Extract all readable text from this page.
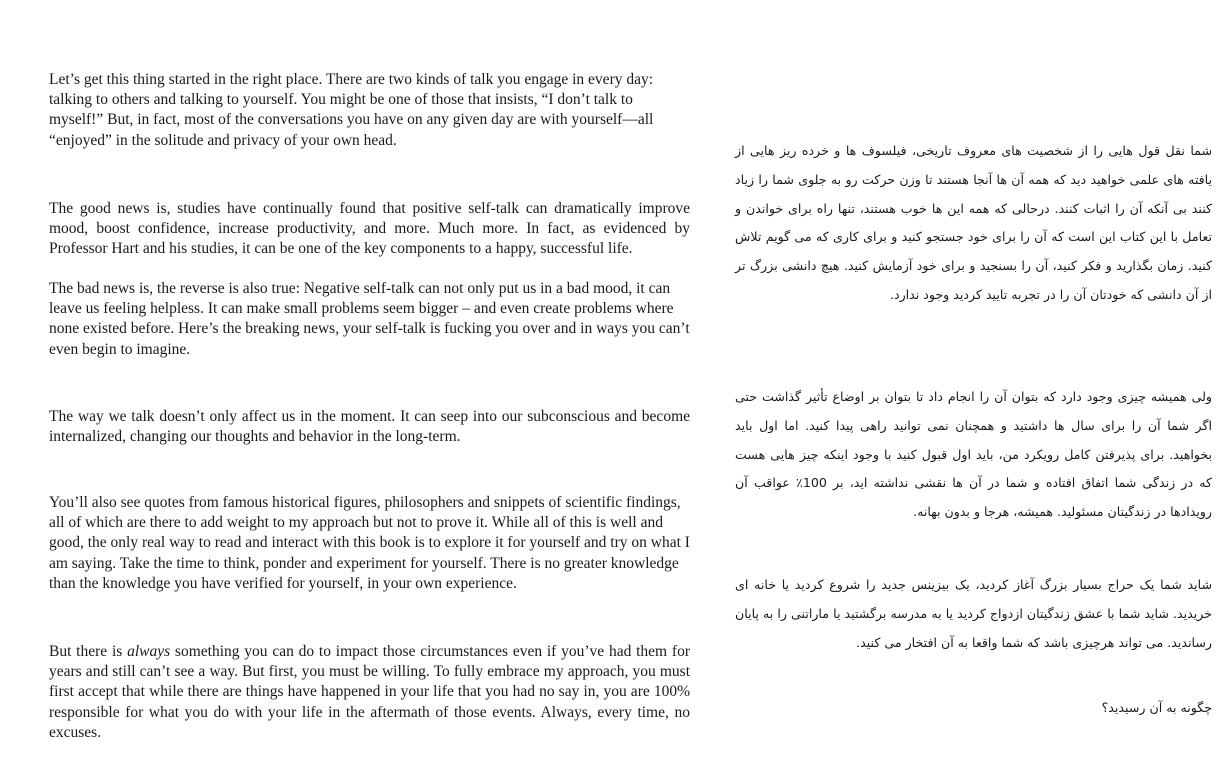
Let’s get this thing started in the right place. There are two kinds of talk you engage in every day: talking to others and talking to yourself. You might be one of those that insists, “I don’t talk to myself!” But, in fact, most of the conversations you have on any given day are with yourself—all “enjoyed” in the solitude and privacy of your own head.

The good news is, studies have continually found that positive self-talk can dramatically improve mood, boost confidence, increase productivity, and more. Much more. In fact, as evidenced by Professor Hart and his studies, it can be one of the key components to a happy, successful life.

The bad news is, the reverse is also true: Negative self-talk can not only put us in a bad mood, it can leave us feeling helpless. It can make small problems seem bigger – and even create problems where none existed before. Here’s the breaking news, your self-talk is fucking you over and in ways you can’t even begin to imagine.

The way we talk doesn’t only affect us in the moment. It can seep into our subconscious and become internalized, changing our thoughts and behavior in the long-term.

You’ll also see quotes from famous historical figures, philosophers and snippets of scientific findings, all of which are there to add weight to my approach but not to prove it. While all of this is well and good, the only real way to read and interact with this book is to explore it for yourself and try on what I am saying. Take the time to think, ponder and experiment for yourself. There is no greater knowledge than the knowledge you have verified for yourself, in your own experience.

But there is always something you can do to impact those circumstances even if you’ve had them for years and still can’t see a way. But first, you must be willing. To fully embrace my approach, you must first accept that while there are things have happened in your life that you had no say in, you are 100% responsible for what you do with your life in the aftermath of those events. Always, every time, no excuses.

شما نقل قول هایی را از شخصیت های معروف تاریخی، فیلسوف ها و خرده ریز هایی از یافته های علمی خواهید دید که همه آن ها آنجا هستند تا وزن حرکت رو به جلوی شما را زیاد کنند بی آنکه آن را اثبات کنند. درحالی که همه این ها خوب هستند، تنها راه برای خواندن و تعامل با این کتاب این است که آن را برای خود جستجو کنید و برای کاری که می گویم تلاش کنید. زمان بگذارید و فکر کنید، آن را بسنجید و برای خود آزمایش کنید. هیچ دانشی بزرگ تر از آن دانشی که خودتان آن را در تجربه تایید کردید وجود ندارد.

ولی همیشه چیزی وجود دارد که بتوان آن را انجام داد تا بتوان بر اوضاع تأثیر گذاشت حتی اگر شما آن را برای سال ها داشتید و همچنان نمی توانید راهی پیدا کنید. اما اول باید بخواهید. برای پذیرفتن کامل رویکرد من، باید اول قبول کنید با وجود اینکه چیز هایی هست که در زندگی شما اتفاق افتاده و شما در آن ها نقشی نداشته اید، بر 100٪ عواقب آن رویدادها در زندگیتان مسئولید. همیشه، هرجا و بدون بهانه.

شاید شما یک حراج بسیار بزرگ آغاز کردید، یک بیزینس جدید را شروع کردید یا خانه ای خریدید. شاید شما با عشق زندگیتان ازدواج کردید یا به مدرسه برگشتید یا ماراتنی را به پایان رساندید. می تواند هرچیزی باشد که شما واقعا به آن افتخار می کنید.

چگونه به آن رسیدید؟
